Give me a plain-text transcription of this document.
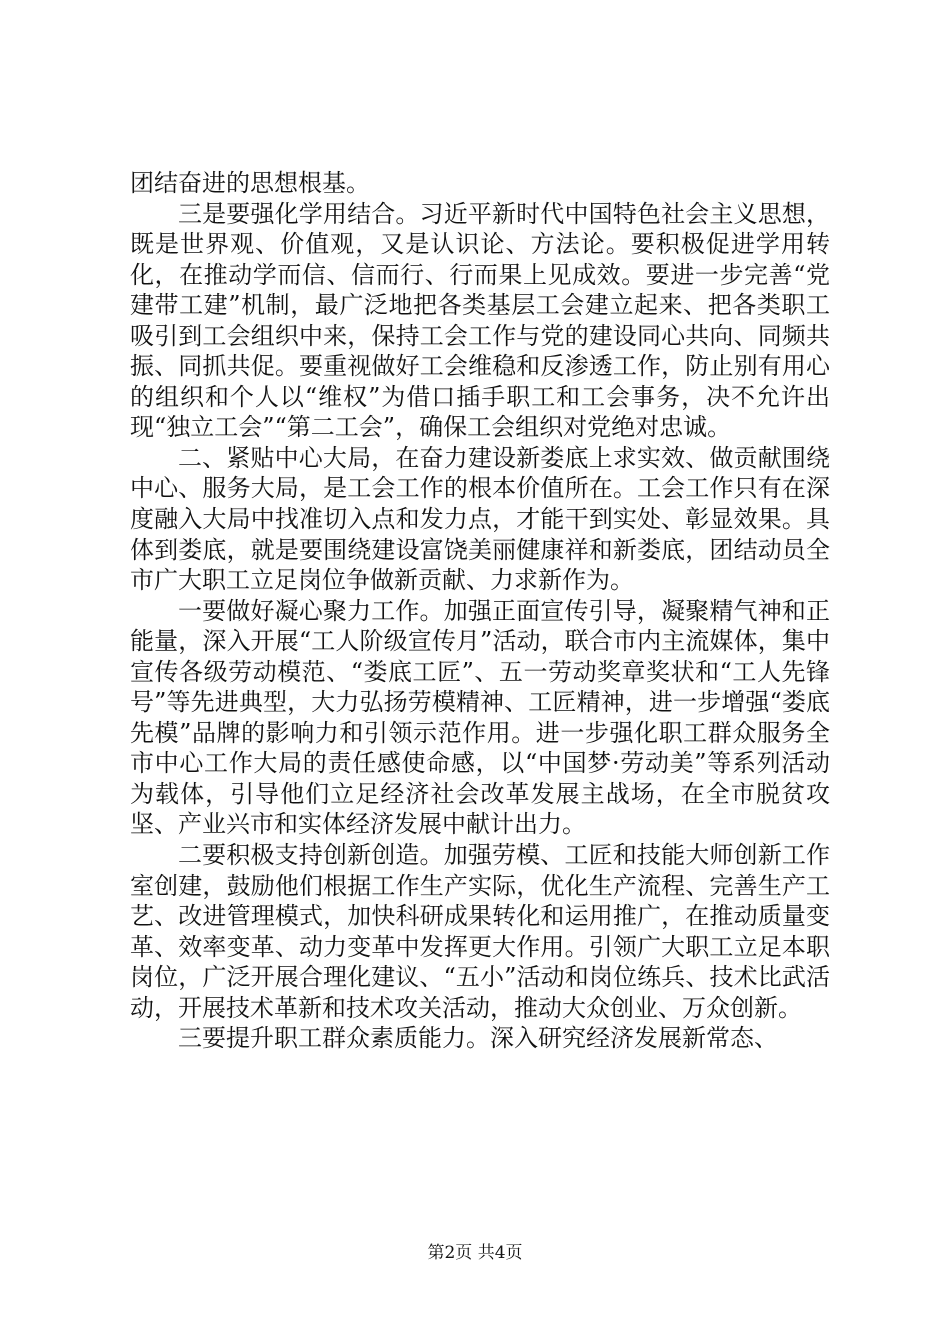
团结奋进的思想根基。

三是要强化学用结合。习近平新时代中国特色社会主义思想，既是世界观、价值观，又是认识论、方法论。要积极促进学用转化，在推动学而信、信而行、行而果上见成效。要进一步完善“党建带工建”机制，最广泛地把各类基层工会建立起来、把各类职工吸引到工会组织中来，保持工会工作与党的建设同心共向、同频共振、同抓共促。要重视做好工会维稳和反渗透工作，防止别有用心的组织和个人以“维权”为借口插手职工和工会事务，决不允许出现“独立工会”“第二工会”，确保工会组织对党绝对忠诚。

二、紧贴中心大局，在奋力建设新娄底上求实效、做贡献围绕中心、服务大局，是工会工作的根本价值所在。工会工作只有在深度融入大局中找准切入点和发力点，才能干到实处、彰显效果。具体到娄底，就是要围绕建设富饶美丽健康祥和新娄底，团结动员全市广大职工立足岗位争做新贡献、力求新作为。

一要做好凝心聚力工作。加强正面宣传引导，凝聚精气神和正能量，深入开展“工人阶级宣传月”活动，联合市内主流媒体，集中宣传各级劳动模范、“娄底工匠”、五一劳动奖章奖状和“工人先锋号”等先进典型，大力弘扬劳模精神、工匠精神，进一步增强“娄底先模”品牌的影响力和引领示范作用。进一步强化职工群众服务全市中心工作大局的责任感使命感，以“中国梦·劳动美”等系列活动为载体，引导他们立足经济社会改革发展主战场，在全市脱贫攻坚、产业兴市和实体经济发展中献计出力。

二要积极支持创新创造。加强劳模、工匠和技能大师创新工作室创建，鼓励他们根据工作生产实际，优化生产流程、完善生产工艺、改进管理模式，加快科研成果转化和运用推广，在推动质量变革、效率变革、动力变革中发挥更大作用。引领广大职工立足本职岗位，广泛开展合理化建议、“五小”活动和岗位练兵、技术比武活动，开展技术革新和技术攻关活动，推动大众创业、万众创新。

三要提升职工群众素质能力。深入研究经济发展新常态、

第2页 共4页
